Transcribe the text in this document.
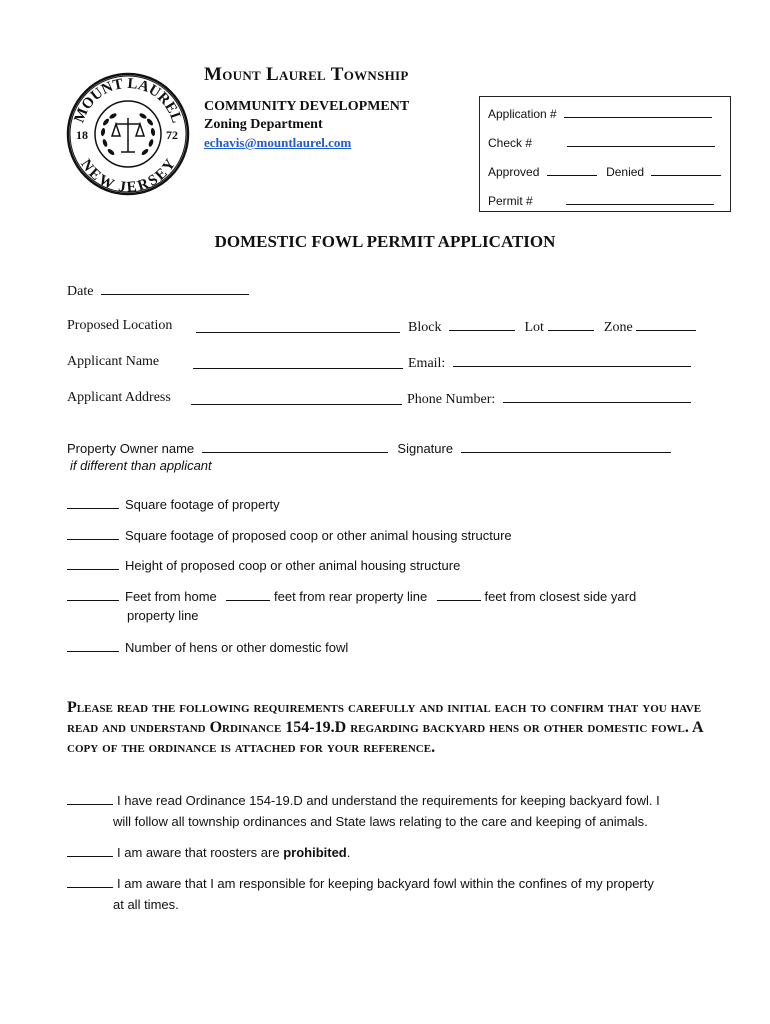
MOUNT LAUREL
NEW JERSEY
18	72
Mount Laurel Township
COMMUNITY DEVELOPMENT
Zoning Department
echavis@mountlaurel.com
Application #
Check #
Approved	Denied
Permit #
DOMESTIC FOWL PERMIT APPLICATION
Date
Proposed Location	Block	Lot	Zone
Applicant Name	Email:
Applicant Address	Phone Number:
Property Owner name	Signature
if different than applicant
Square footage of property
Square footage of proposed coop or other animal housing structure
Height of proposed coop or other animal housing structure
Feet from home	feet from rear property line	feet from closest side yard
property line
Number of hens or other domestic fowl
Please read the following requirements carefully and initial each to confirm that you have read and understand Ordinance 154-19.D regarding backyard hens or other domestic fowl. A copy of the ordinance is attached for your reference.
I have read Ordinance 154-19.D and understand the requirements for keeping backyard fowl. I
will follow all township ordinances and State laws relating to the care and keeping of animals.
I am aware that roosters are prohibited.
I am aware that I am responsible for keeping backyard fowl within the confines of my property
at all times.
